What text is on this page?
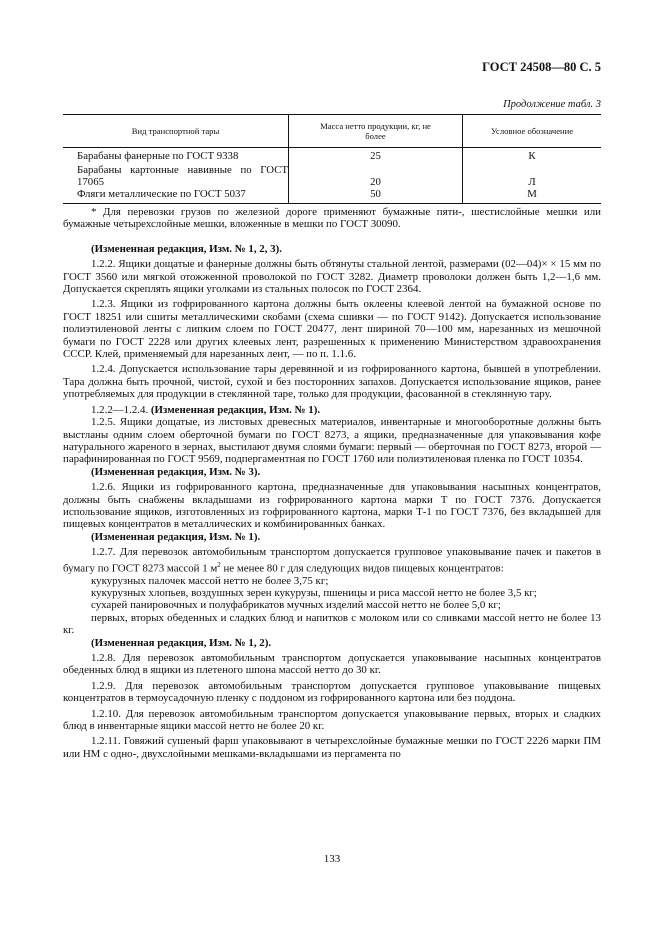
ГОСТ 24508—80 С. 5
Продолжение табл. 3
Вид транспортной тары	Масса нетто продукции, кг, не более	Условное обозначение

Барабаны фанерные по ГОСТ 9338	25	К

Барабаны картонные навивные по ГОСТ 17065	20	Л

Фляги металлические по ГОСТ 5037	50	М

* Для перевозки грузов по железной дороге применяют бумажные пяти-, шестислойные мешки или бумажные четырехслойные мешки, вложенные в мешки по ГОСТ 30090.

(Измененная редакция, Изм. № 1, 2, 3).

1.2.2. Ящики дощатые и фанерные должны быть обтянуты стальной лентой, размерами (02—04)× × 15 мм по ГОСТ 3560 или мягкой отожженной проволокой по ГОСТ 3282. Диаметр проволоки должен быть 1,2—1,6 мм. Допускается скреплять ящики уголками из стальных полосок по ГОСТ 2364.

1.2.3. Ящики из гофрированного картона должны быть оклеены клеевой лентой на бумажной основе по ГОСТ 18251 или сшиты металлическими скобами (схема сшивки — по ГОСТ 9142). Допускается использование полиэтиленовой ленты с липким слоем по ГОСТ 20477, лент шириной 70—100 мм, нарезанных из мешочной бумаги по ГОСТ 2228 или других клеевых лент, разрешенных к применению Министерством здравоохранения СССР. Клей, применяемый для нарезанных лент, — по п. 1.1.6.

1.2.4. Допускается использование тары деревянной и из гофрированного картона, бывшей в употреблении. Тара должна быть прочной, чистой, сухой и без посторонних запахов. Допускается использование ящиков, ранее употребляемых для продукции в стеклянной таре, только для продукции, фасованной в стеклянную тару.

1.2.2—1.2.4. (Измененная редакция, Изм. № 1).

1.2.5. Ящики дощатые, из листовых древесных материалов, инвентарные и многооборотные должны быть выстланы одним слоем оберточной бумаги по ГОСТ 8273, а ящики, предназначенные для упаковывания кофе натурального жареного в зернах, выстилают двумя слоями бумаги: первый — оберточная по ГОСТ 8273, второй — парафинированная по ГОСТ 9569, подпергаментная по ГОСТ 1760 или полиэтиленовая пленка по ГОСТ 10354.

(Измененная редакция, Изм. № 3).

1.2.6. Ящики из гофрированного картона, предназначенные для упаковывания насыпных концентратов, должны быть снабжены вкладышами из гофрированного картона марки Т по ГОСТ 7376. Допускается использование ящиков, изготовленных из гофрированного картона, марки Т-1 по ГОСТ 7376, без вкладышей для пищевых концентратов в металлических и комбинированных банках.

(Измененная редакция, Изм. № 1).

1.2.7. Для перевозок автомобильным транспортом допускается групповое упаковывание пачек и пакетов в бумагу по ГОСТ 8273 массой 1 $м^2$ не менее 80 г для следующих видов пищевых концентратов:

кукурузных палочек массой нетто не более 3,75 кг;

кукурузных хлопьев, воздушных зерен кукурузы, пшеницы и риса массой нетто не более 3,5 кг;

сухарей панировочных и полуфабрикатов мучных изделий массой нетто не более 5,0 кг;

первых, вторых обеденных и сладких блюд и напитков с молоком или со сливками массой нетто не более 13 кг.

(Измененная редакция, Изм. № 1, 2).

1.2.8. Для перевозок автомобильным транспортом допускается упаковывание насыпных концентратов обеденных блюд в ящики из плетеного шпона массой нетто до 30 кг.

1.2.9. Для перевозок автомобильным транспортом допускается групповое упаковывание пищевых концентратов в термоусадочную пленку с поддоном из гофрированного картона или без поддона.

1.2.10. Для перевозок автомобильным транспортом допускается упаковывание первых, вторых и сладких блюд в инвентарные ящики массой нетто не более 20 кг.

1.2.11. Говяжий сушеный фарш упаковывают в четырехслойные бумажные мешки по ГОСТ 2226 марки ПМ или НМ с одно-, двухслойными мешками-вкладышами из пергамента по

133
